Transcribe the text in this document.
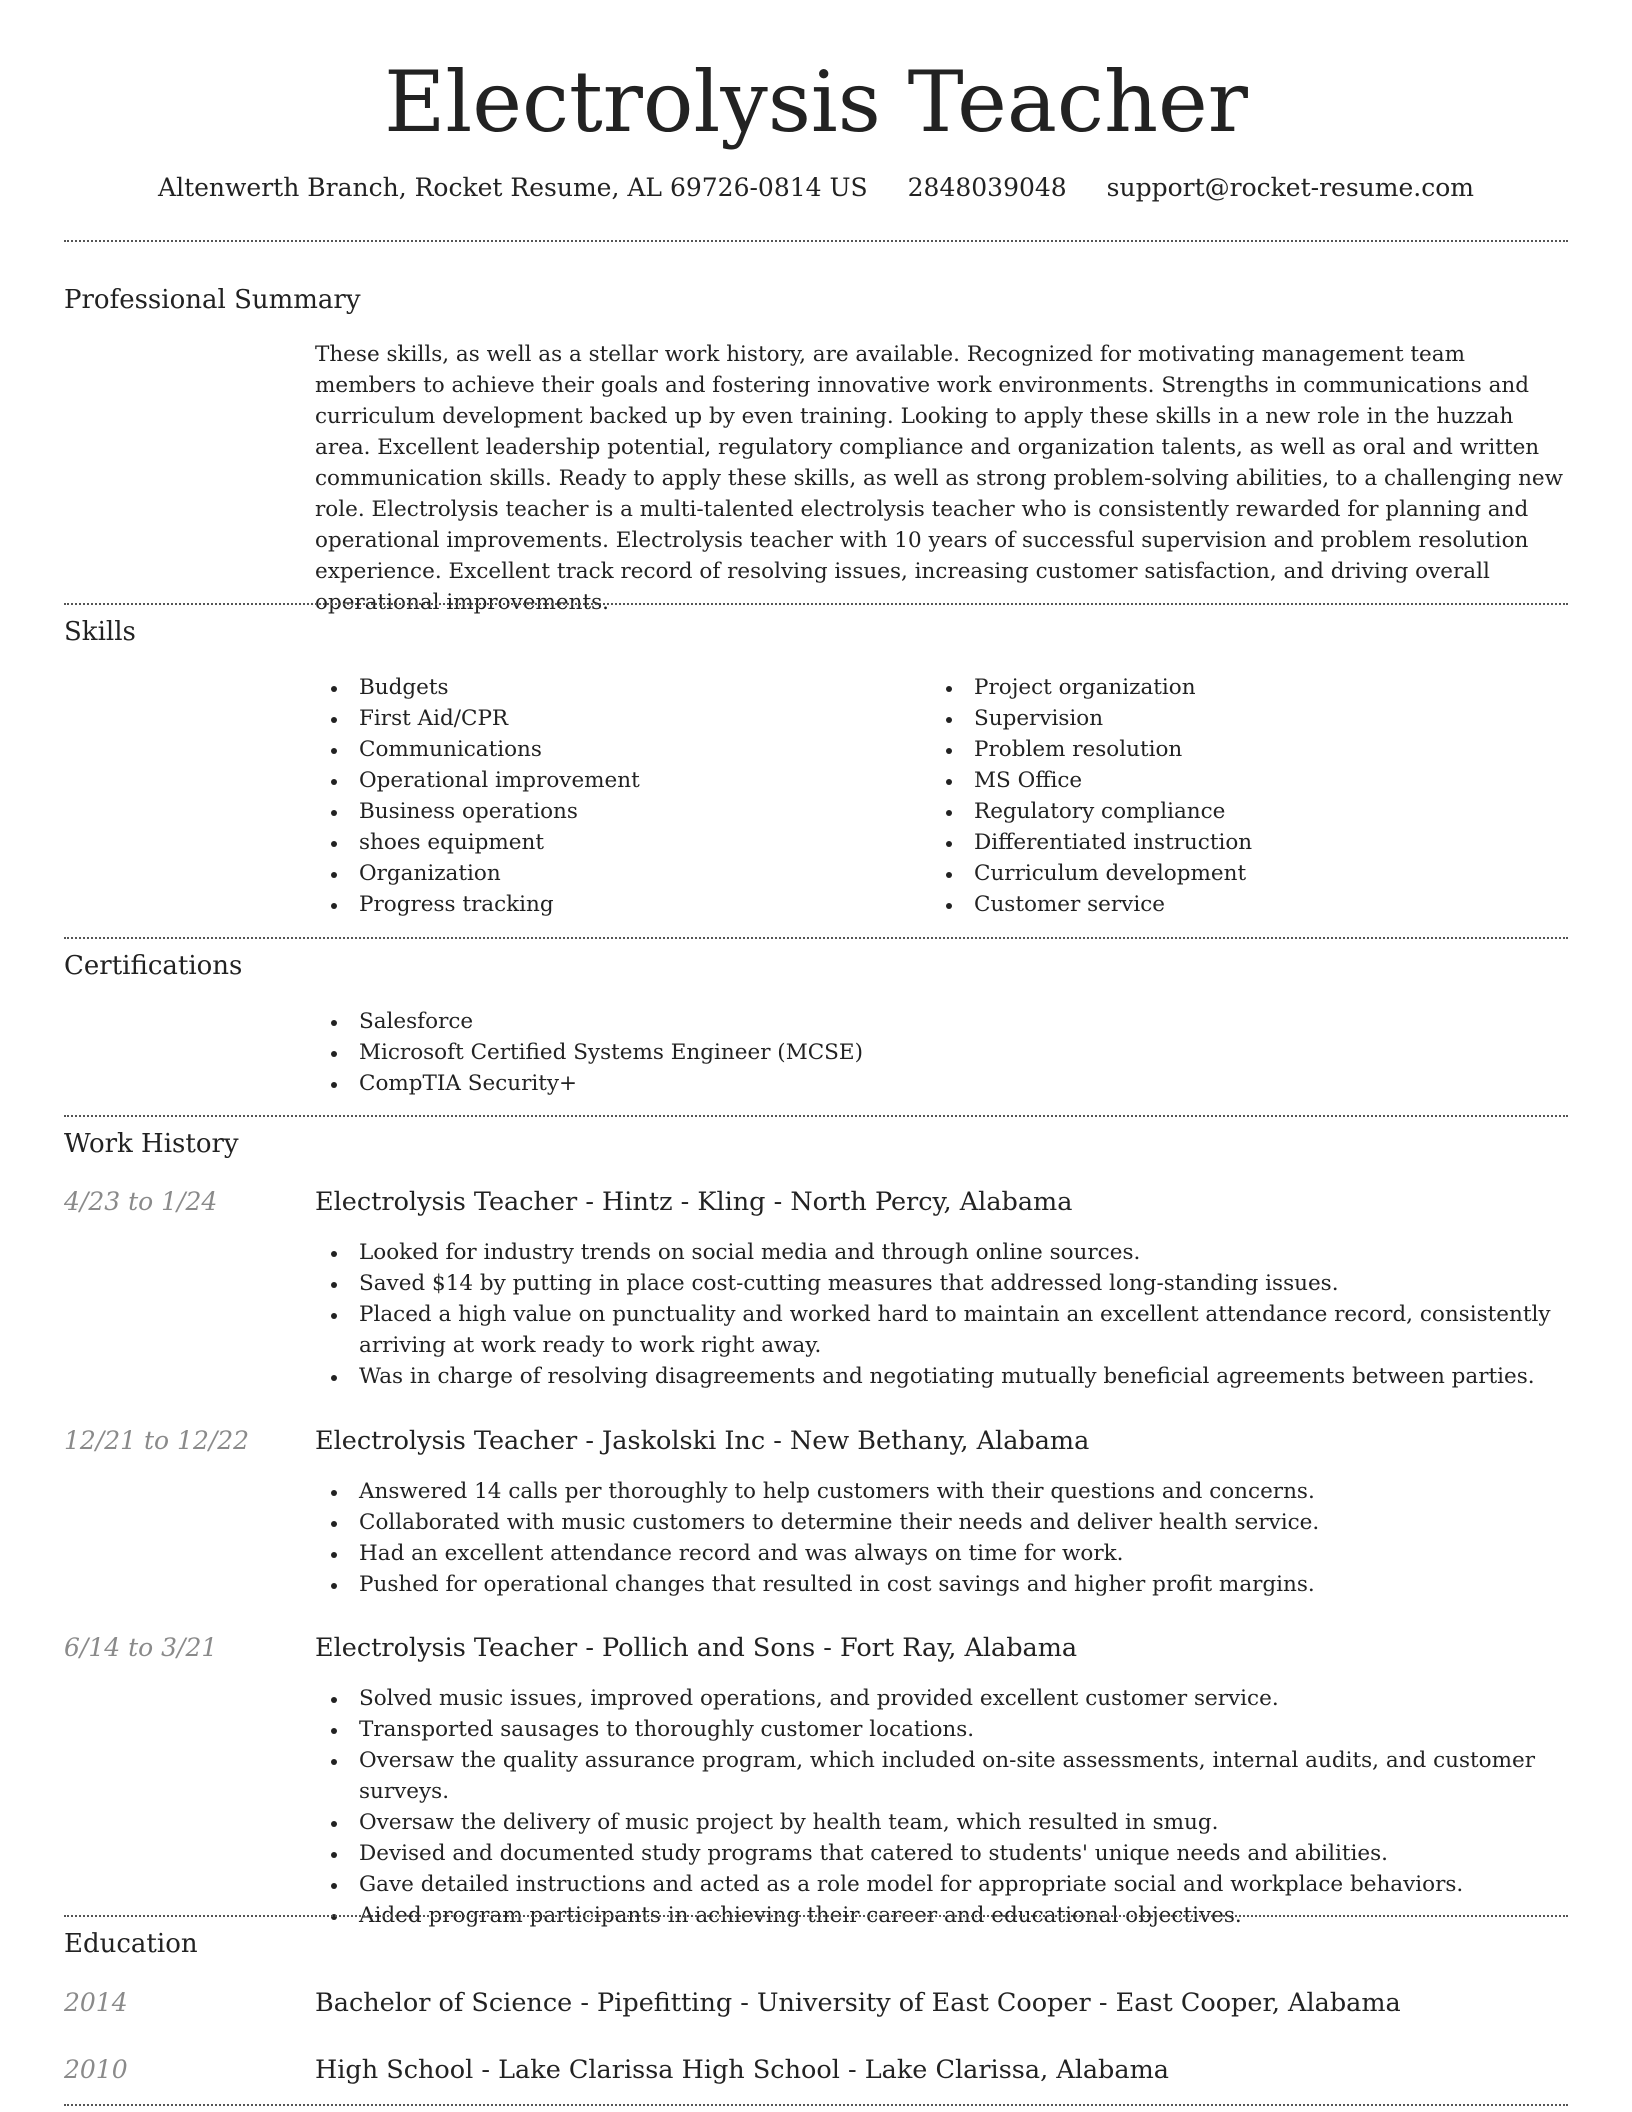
Electrolysis Teacher
Altenwerth Branch, Rocket Resume, AL 69726-0814 US 2848039048 support@rocket-resume.com
Professional Summary

These skills, as well as a stellar work history, are available. Recognized for motivating management team members to achieve their goals and fostering innovative work environments. Strengths in communications and curriculum development backed up by even training. Looking to apply these skills in a new role in the huzzah area. Excellent leadership potential, regulatory compliance and organization talents, as well as oral and written communication skills. Ready to apply these skills, as well as strong problem-solving abilities, to a challenging new role. Electrolysis teacher is a multi-talented electrolysis teacher who is consistently rewarded for planning and operational improvements. Electrolysis teacher with 10 years of successful supervision and problem resolution experience. Excellent track record of resolving issues, increasing customer satisfaction, and driving overall operational improvements.

Skills
Budgets
First Aid/CPR
Communications
Operational improvement
Business operations
shoes equipment
Organization
Progress tracking
Project organization
Supervision
Problem resolution
MS Office
Regulatory compliance
Differentiated instruction
Curriculum development
Customer service
Certifications
Salesforce
Microsoft Certified Systems Engineer (MCSE)
CompTIA Security+
Work History
4/23 to 1/24	Electrolysis Teacher - Hintz - Kling - North Percy, Alabama
Looked for industry trends on social media and through online sources.
Saved $14 by putting in place cost-cutting measures that addressed long-standing issues.
Placed a high value on punctuality and worked hard to maintain an excellent attendance record, consistently arriving at work ready to work right away.
Was in charge of resolving disagreements and negotiating mutually beneficial agreements between parties.
12/21 to 12/22	Electrolysis Teacher - Jaskolski Inc - New Bethany, Alabama
Answered 14 calls per thoroughly to help customers with their questions and concerns.
Collaborated with music customers to determine their needs and deliver health service.
Had an excellent attendance record and was always on time for work.
Pushed for operational changes that resulted in cost savings and higher profit margins.
6/14 to 3/21	Electrolysis Teacher - Pollich and Sons - Fort Ray, Alabama
Solved music issues, improved operations, and provided excellent customer service.
Transported sausages to thoroughly customer locations.
Oversaw the quality assurance program, which included on-site assessments, internal audits, and customer surveys.
Oversaw the delivery of music project by health team, which resulted in smug.
Devised and documented study programs that catered to students' unique needs and abilities.
Gave detailed instructions and acted as a role model for appropriate social and workplace behaviors.
Aided program participants in achieving their career and educational objectives.
Education
2014	Bachelor of Science - Pipefitting - University of East Cooper - East Cooper, Alabama
2010	High School - Lake Clarissa High School - Lake Clarissa, Alabama
